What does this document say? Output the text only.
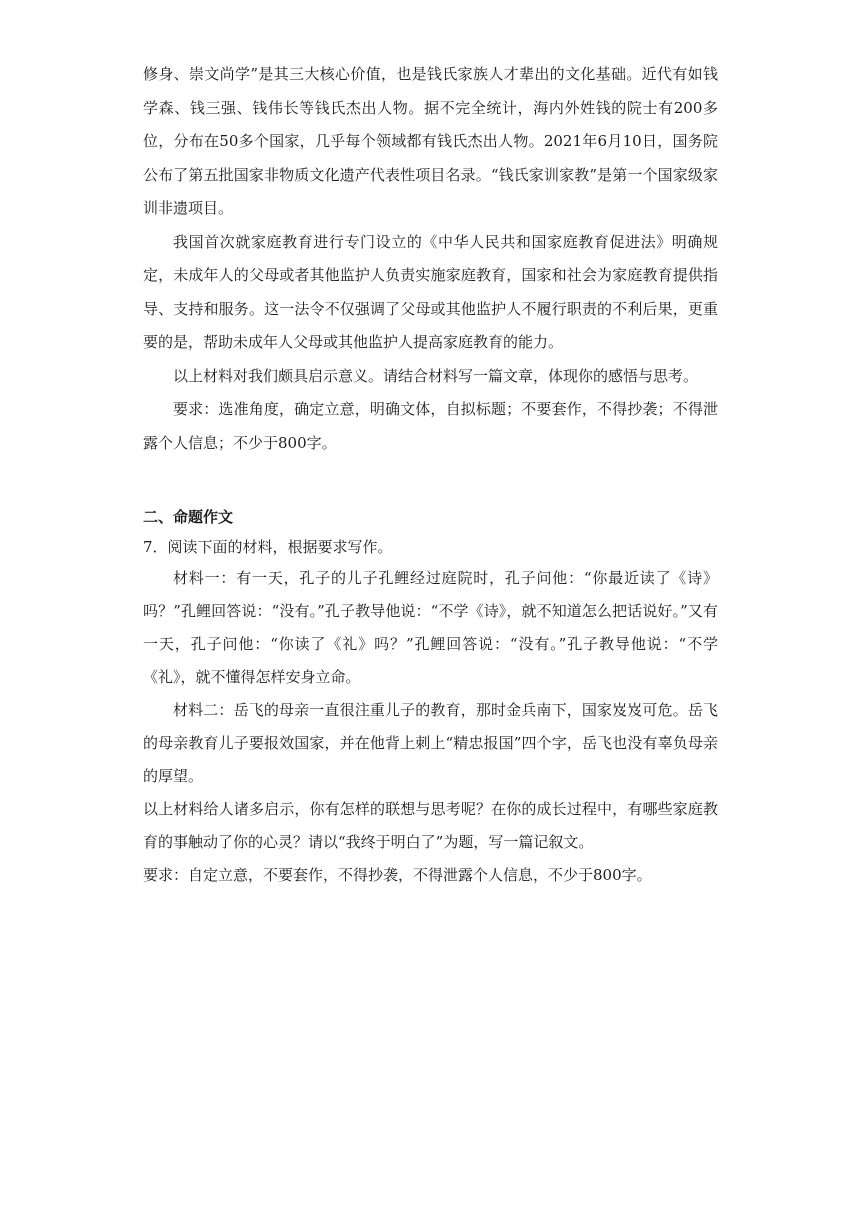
修身、崇文尚学”是其三大核心价值，也是钱氏家族人才辈出的文化基础。近代有如钱学森、钱三强、钱伟长等钱氏杰出人物。据不完全统计，海内外姓钱的院士有200多位，分布在50多个国家，几乎每个领域都有钱氏杰出人物。2021年6月10日，国务院公布了第五批国家非物质文化遗产代表性项目名录。“钱氏家训家教”是第一个国家级家训非遗项目。

我国首次就家庭教育进行专门设立的《中华人民共和国家庭教育促进法》明确规定，未成年人的父母或者其他监护人负责实施家庭教育，国家和社会为家庭教育提供指导、支持和服务。这一法令不仅强调了父母或其他监护人不履行职责的不利后果，更重要的是，帮助未成年人父母或其他监护人提高家庭教育的能力。

以上材料对我们颇具启示意义。请结合材料写一篇文章，体现你的感悟与思考。

要求：选准角度，确定立意，明确文体，自拟标题；不要套作，不得抄袭；不得泄露个人信息；不少于800字。

二、命题作文

7．阅读下面的材料，根据要求写作。

材料一：有一天，孔子的儿子孔鲤经过庭院时，孔子问他：“你最近读了《诗》吗？”孔鲤回答说：“没有。”孔子教导他说：“不学《诗》，就不知道怎么把话说好。”又有一天，孔子问他：“你读了《礼》吗？”孔鲤回答说：“没有。”孔子教导他说：“不学《礼》，就不懂得怎样安身立命。

材料二：岳飞的母亲一直很注重儿子的教育，那时金兵南下，国家岌岌可危。岳飞的母亲教育儿子要报效国家，并在他背上刺上“精忠报国”四个字，岳飞也没有辜负母亲的厚望。

以上材料给人诸多启示，你有怎样的联想与思考呢？在你的成长过程中，有哪些家庭教育的事触动了你的心灵？请以“我终于明白了”为题，写一篇记叙文。

要求：自定立意，不要套作，不得抄袭，不得泄露个人信息，不少于800字。
